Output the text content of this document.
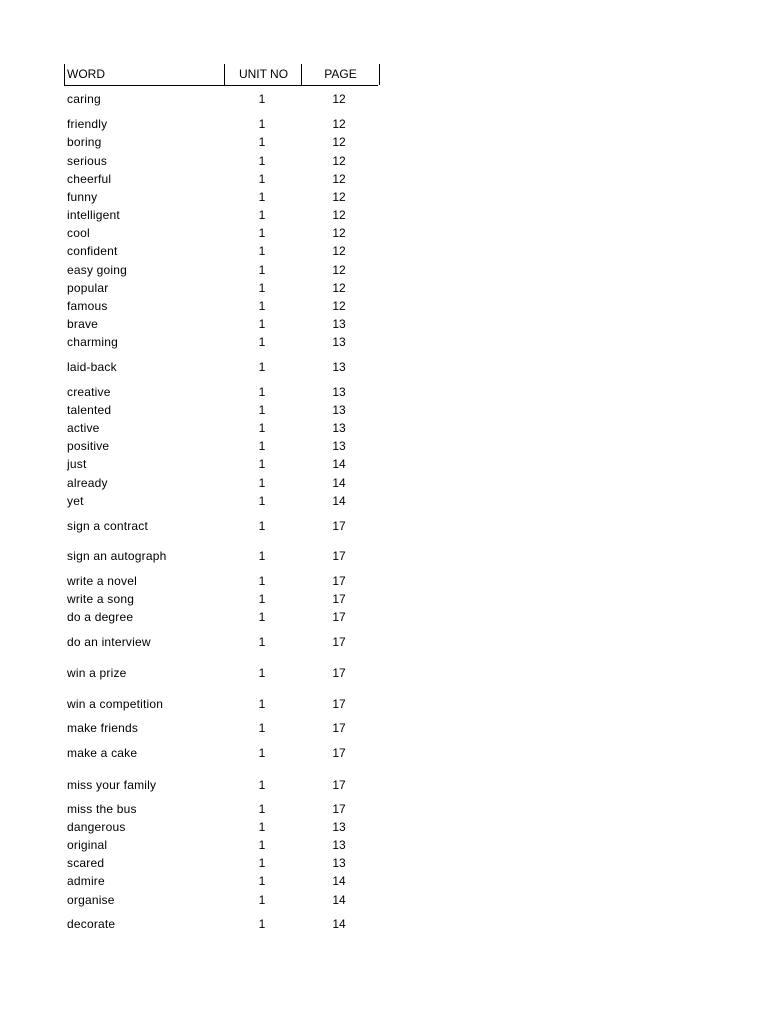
WORD	UNIT NO	PAGE
caring	1	12
friendly	1	12
boring	1	12
serious	1	12
cheerful	1	12
funny	1	12
intelligent	1	12
cool	1	12
confident	1	12
easy going	1	12
popular	1	12
famous	1	12
brave	1	13
charming	1	13
laid-back	1	13
creative	1	13
talented	1	13
active	1	13
positive	1	13
just	1	14
already	1	14
yet	1	14
sign a contract	1	17
sign an autograph	1	17
write a novel	1	17
write a song	1	17
do a degree	1	17
do an interview	1	17
win a prize	1	17
win a competition	1	17
make friends	1	17
make a cake	1	17
miss your family	1	17
miss the bus	1	17
dangerous	1	13
original	1	13
scared	1	13
admire	1	14
organise	1	14
decorate	1	14
